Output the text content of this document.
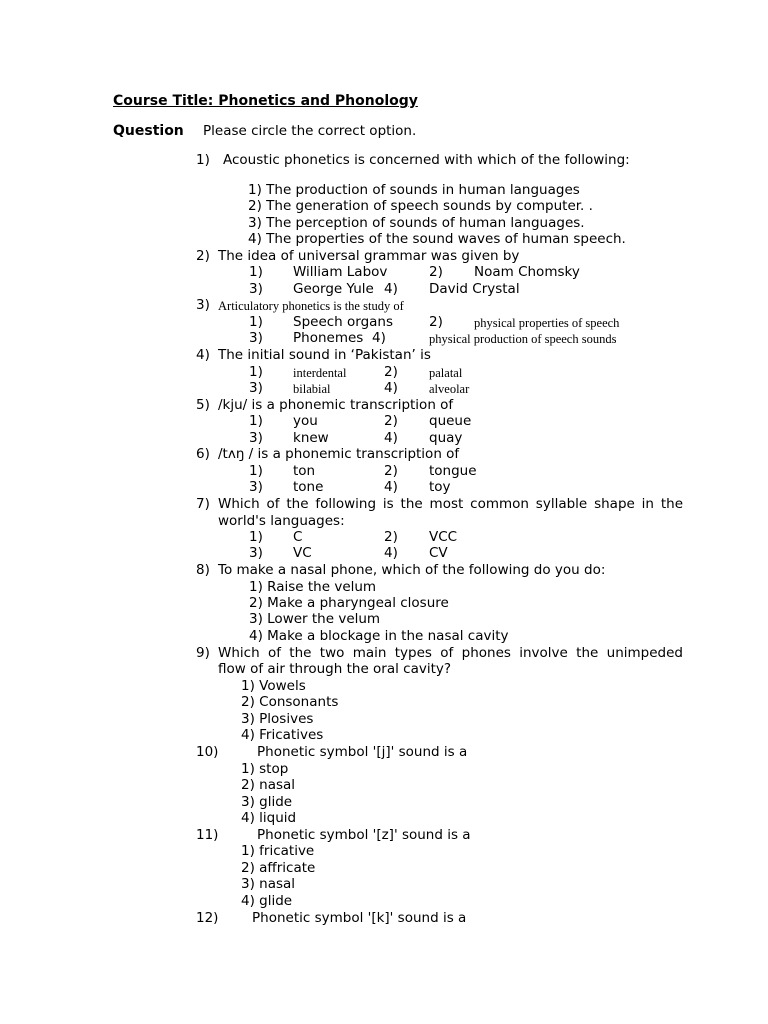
Course Title: Phonetics and Phonology
Question Please circle the correct option.
1) Acoustic phonetics is concerned with which of the following:
1) The production of sounds in human languages
2) The generation of speech sounds by computer. .
3) The perception of sounds of human languages.
4) The properties of the sound waves of human speech.
2) The idea of universal grammar was given by
1) William Labov	2) Noam Chomsky
3) George Yule 4) David Crystal
3) Articulatory phonetics is the study of
1) Speech organs	2) physical properties of speech
3) Phonemes 4)	physical production of speech sounds
4) The initial sound in ‘Pakistan’ is
1) interdental	2) palatal
3) bilabial	4) alveolar
5) /kju/ is a phonemic transcription of
1) you	2) queue
3) knew	4) quay
6) /tʌŋ / is a phonemic transcription of
1) ton	2) tongue
3) tone	4) toy
7) Which of the following is the most common syllable shape in the
world's languages:
1) C	2) VCC
3) VC	4) CV
8) To make a nasal phone, which of the following do you do:
1) Raise the velum
2) Make a pharyngeal closure
3) Lower the velum
4) Make a blockage in the nasal cavity
9) Which of the two main types of phones involve the unimpeded
flow of air through the oral cavity?
1) Vowels
2) Consonants
3) Plosives
4) Fricatives
10)	Phonetic symbol '[j]' sound is a
1) stop
2) nasal
3) glide
4) liquid
11)	Phonetic symbol '[z]' sound is a
1) fricative
2) affricate
3) nasal
4) glide
12) Phonetic symbol '[k]' sound is a
